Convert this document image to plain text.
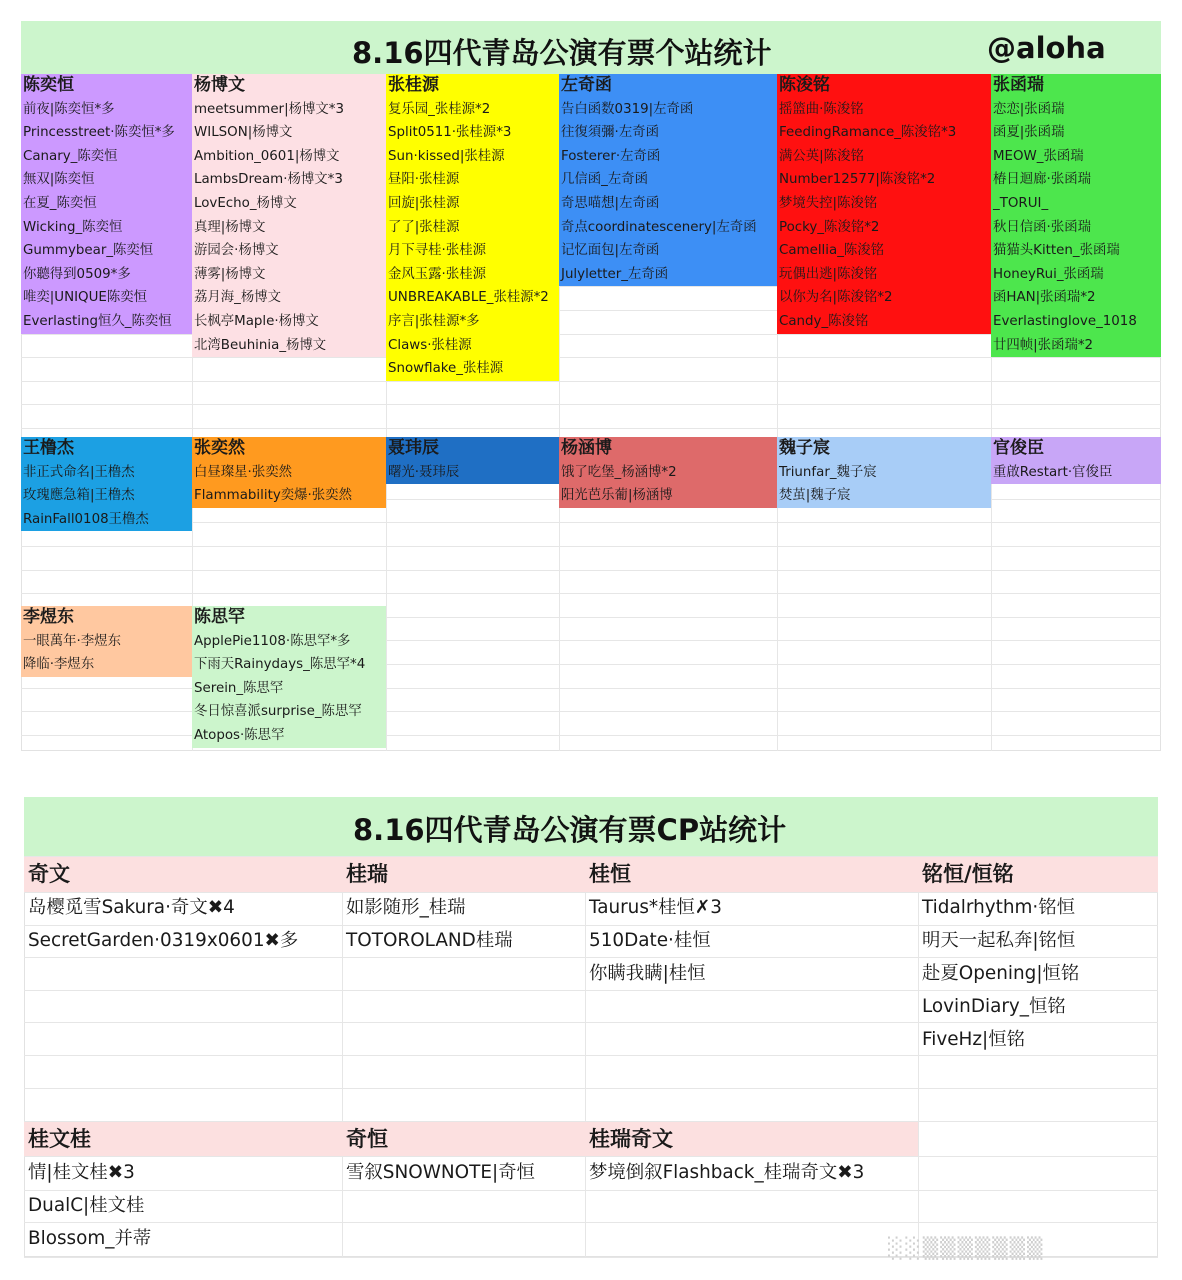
8.16四代青岛公演有票个站统计	@aloha
陈奕恒
前夜|陈奕恒*多
Princesstreet·陈奕恒*多
Canary_陈奕恒
無双|陈奕恒
在夏_陈奕恒
Wicking_陈奕恒
Gummybear_陈奕恒
你聽得到0509*多
唯奕|UNIQUE陈奕恒
Everlasting恒久_陈奕恒
杨博文
meetsummer|杨博文*3
WILSON|杨博文
Ambition_0601|杨博文
LambsDream·杨博文*3
LovEcho_杨博文
真理|杨博文
游园会·杨博文
薄雾|杨博文
荔月海_杨博文
长枫亭Maple·杨博文
北湾Beuhinia_杨博文
张桂源
复乐园_张桂源*2
Split0511·张桂源*3
Sun·kissed|张桂源
昼阳·张桂源
回旋|张桂源
了了|张桂源
月下寻桂·张桂源
金风玉露·张桂源
UNBREAKABLE_张桂源*2
序言|张桂源*多
Claws·张桂源
Snowflake_张桂源
左奇函
告白函数0319|左奇函
往復須彌·左奇函
Fosterer·左奇函
几信函_左奇函
奇思喵想|左奇函
奇点coordinatescenery|左奇函
记忆面包|左奇函
Julyletter_左奇函
陈浚铭
摇篮曲·陈浚铭
FeedingRamance_陈浚铭*3
满公英|陈浚铭
Number12577|陈浚铭*2
梦境失控|陈浚铭
Pocky_陈浚铭*2
Camellia_陈浚铭
玩偶出逃|陈浚铭
以你为名|陈浚铭*2
Candy_陈浚铭
张函瑞
恋恋|张函瑞
函夏|张函瑞
MEOW_张函瑞
椿日迴廊·张函瑞
_TORUI_
秋日信函·张函瑞
猫猫头Kitten_张函瑞
HoneyRui_张函瑞
函HAN|张函瑞*2
Everlastinglove_1018
廿四帧|张函瑞*2
王橹杰
非正式命名|王橹杰
玫瑰應急箱|王橹杰
RainFall0108王橹杰
张奕然
白昼璨星·张奕然
Flammability奕爆·张奕然
聂玮辰
曙光·聂玮辰
杨涵博
饿了吃堡_杨涵博*2
阳光芭乐葡|杨涵博
魏子宸
Triunfar_魏子宸
焚茧|魏子宸
官俊臣
重啟Restart·官俊臣
李煜东
一眼萬年·李煜东
降临·李煜东
陈思罕
ApplePie1108·陈思罕*多
下雨天Rainydays_陈思罕*4
Serein_陈思罕
冬日惊喜派surprise_陈思罕
Atopos·陈思罕
8.16四代青岛公演有票CP站统计
奇文
岛樱觅雪Sakura·奇文✖4
SecretGarden·0319x0601✖多
桂瑞
如影随形_桂瑞
TOTOROLAND桂瑞
桂恒
Taurus*桂恒✗3
510Date·桂恒
你瞒我瞒|桂恒
铭恒/恒铭
Tidalrhythm·铭恒
明天一起私奔|铭恒
赴夏Opening|恒铭
LovinDiary_恒铭
FiveHz|恒铭
桂文桂
情|桂文桂✖3
DualC|桂文桂
Blossom_并蒂
奇恒
雪叙SNOWNOTE|奇恒
桂瑞奇文
梦境倒叙Flashback_桂瑞奇文✖3
░░▒▒▒▒▒▒▒
